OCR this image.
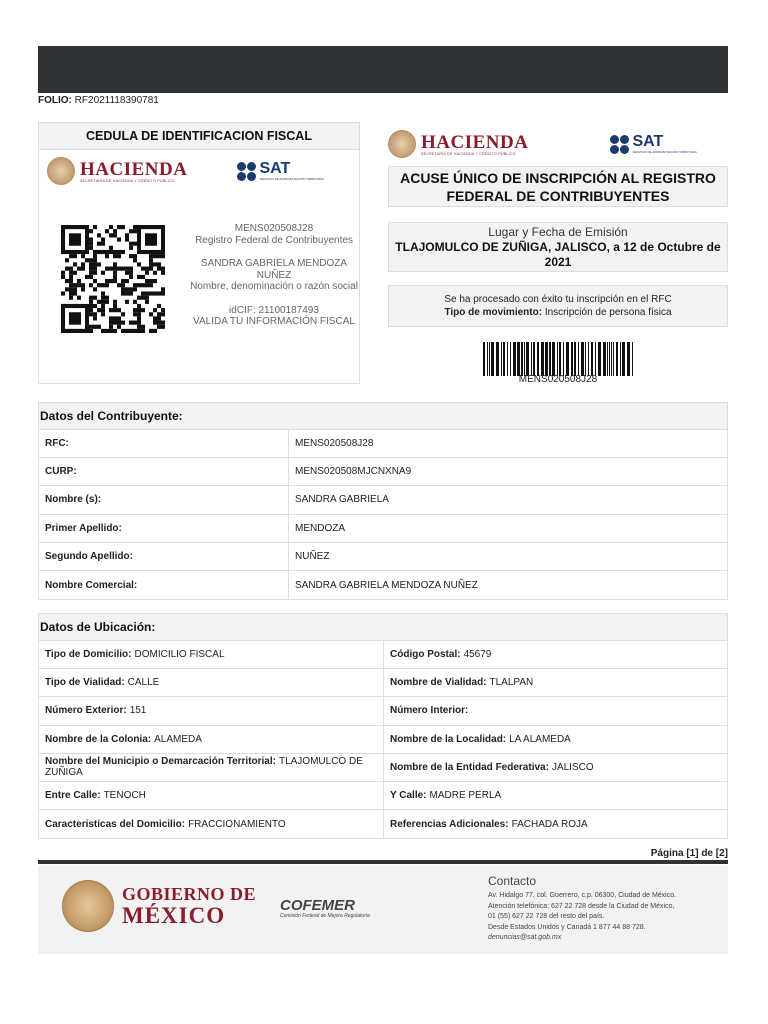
FOLIO: RF2021118390781
CEDULA DE IDENTIFICACION FISCAL
HACIENDA
SECRETARÍA DE HACIENDA Y CRÉDITO PÚBLICO
SAT
SERVICIO DE ADMINISTRACIÓN TRIBUTARIA
MENS020508J28
Registro Federal de Contribuyentes
SANDRA GABRIELA MENDOZA NUÑEZ
Nombre, denominación o razón social
idCIF: 21100187493
VALIDA TU INFORMACIÓN FISCAL
HACIENDA
SECRETARÍA DE HACIENDA Y CRÉDITO PÚBLICO
SAT
SERVICIO DE ADMINISTRACIÓN TRIBUTARIA
ACUSE ÚNICO DE INSCRIPCIÓN AL REGISTRO FEDERAL DE CONTRIBUYENTES
Lugar y Fecha de Emisión
TLAJOMULCO DE ZUÑIGA, JALISCO, a 12 de Octubre de 2021
Se ha procesado con éxito tu inscripción en el RFC
Tipo de movimiento: Inscripción de persona física
MENS020508J28
Datos del Contribuyente:
RFC:	MENS020508J28
CURP:	MENS020508MJCNXNA9
Nombre (s):	SANDRA GABRIELA
Primer Apellido:	MENDOZA
Segundo Apellido:	NUÑEZ
Nombre Comercial:	SANDRA GABRIELA MENDOZA NUÑEZ
Datos de Ubicación:
Tipo de Domicilio: DOMICILIO FISCAL	Código Postal: 45679
Tipo de Vialidad: CALLE	Nombre de Vialidad: TLALPAN
Número Exterior: 151	Número Interior:
Nombre de la Colonia: ALAMEDA	Nombre de la Localidad: LA ALAMEDA
Nombre del Municipio o Demarcación Territorial: TLAJOMULCO DE ZUÑIGA	Nombre de la Entidad Federativa: JALISCO
Entre Calle: TENOCH	Y Calle: MADRE PERLA
Caracteristicas del Domicilio: FRACCIONAMIENTO	Referencias Adicionales: FACHADA ROJA
Página [1] de [2]
GOBIERNO DE
MÉXICO	COFEMER
Comisión Federal de Mejora Regulatoria
Contacto
Av. Hidalgo 77, col. Guerrero, c.p. 06300, Ciudad de México.
Atención telefónica: 627 22 728 desde la Ciudad de México,
01 (55) 627 22 728 del resto del país.
Desde Estados Unidos y Canadá 1 877 44 88 728.
denuncias@sat.gob.mx
